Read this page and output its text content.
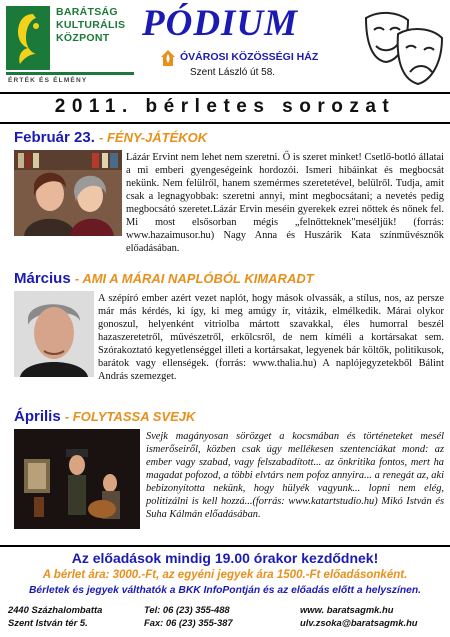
BARÁTSÁG
KULTURÁLIS
KÖZPONT
ÉRTÉK ÉS ÉLMÉNY
PÓDIUM
ÓVÁROSI KÖZÖSSÉGI HÁZ
Szent László út 58.
2011. bérletes sorozat
Február 23. - FÉNY-JÁTÉKOK
Lázár Ervint nem lehet nem szeretni. Ő is szeret minket! Csetlő-botló állatai a mi emberi gyengeségeink hordozói. Ismeri hibáinkat és megbocsát nekünk. Nem felülről, hanem szemérmes szeretetével, belülről. Tudja, amit csak a legnagyobbak: szeretni annyi, mint megbocsátani; a nevetés pedig megbocsátó szeretet.Lázár Ervin meséin gyerekek ezrei nőttek és nőnek fel. Mi most elsősorban mégis „felnőtteknek"meséljük! (forrás: www.hazaimusor.hu) Nagy Anna és Huszárik Kata színművésznők előadásában.
Március - AMI A MÁRAI NAPLÓBÓL KIMARADT
A szépíró ember azért vezet naplót, hogy mások olvassák, a stílus, nos, az persze már más kérdés, ki így, ki meg amúgy ír, vitázik, elmélkedik. Márai olykor gonoszul, helyenként vitriolba mártott szavakkal, éles humorral beszél hazaszeretetről, művészetről, erkölcsről, de nem kíméli a kortársakat sem. Szórakoztató kegyetlenséggel illeti a kortársakat, legyenek bár költők, politikusok, barátok vagy ellenségek. (forrás: www.thalia.hu) A naplójegyzetekből Bálint András szemezget.
Április - FOLYTASSA SVEJK
Svejk magányosan sörözget a kocsmában és történeteket mesél ismerőseiről, közben csak úgy mellékesen szentenciákat mond: az ember vagy szabad, vagy felszabadított... az önkritika fontos, mert ha magadat pofozod, a többi elvtárs nem pofoz annyira... a renegát az, aki bebizonyította nekünk, hogy hülyék vagyunk... lopni nem elég, politizálni is kell hozzá...(forrás: www.katartstudio.hu) Mikó István és Suha Kálmán előadásában.
Az előadások mindig 19.00 órakor kezdődnek!
A bérlet ára: 3000.-Ft, az egyéni jegyek ára 1500.-Ft előadásonként.
Bérletek és jegyek válthatók a BKK InfoPontján és az előadás előtt a helyszínen.
2440 Százhalombatta
Szent István tér 5.
Tel: 06 (23) 355-488
Fax: 06 (23) 355-387
www. baratsagmk.hu
ulv.zsoka@baratsagmk.hu
